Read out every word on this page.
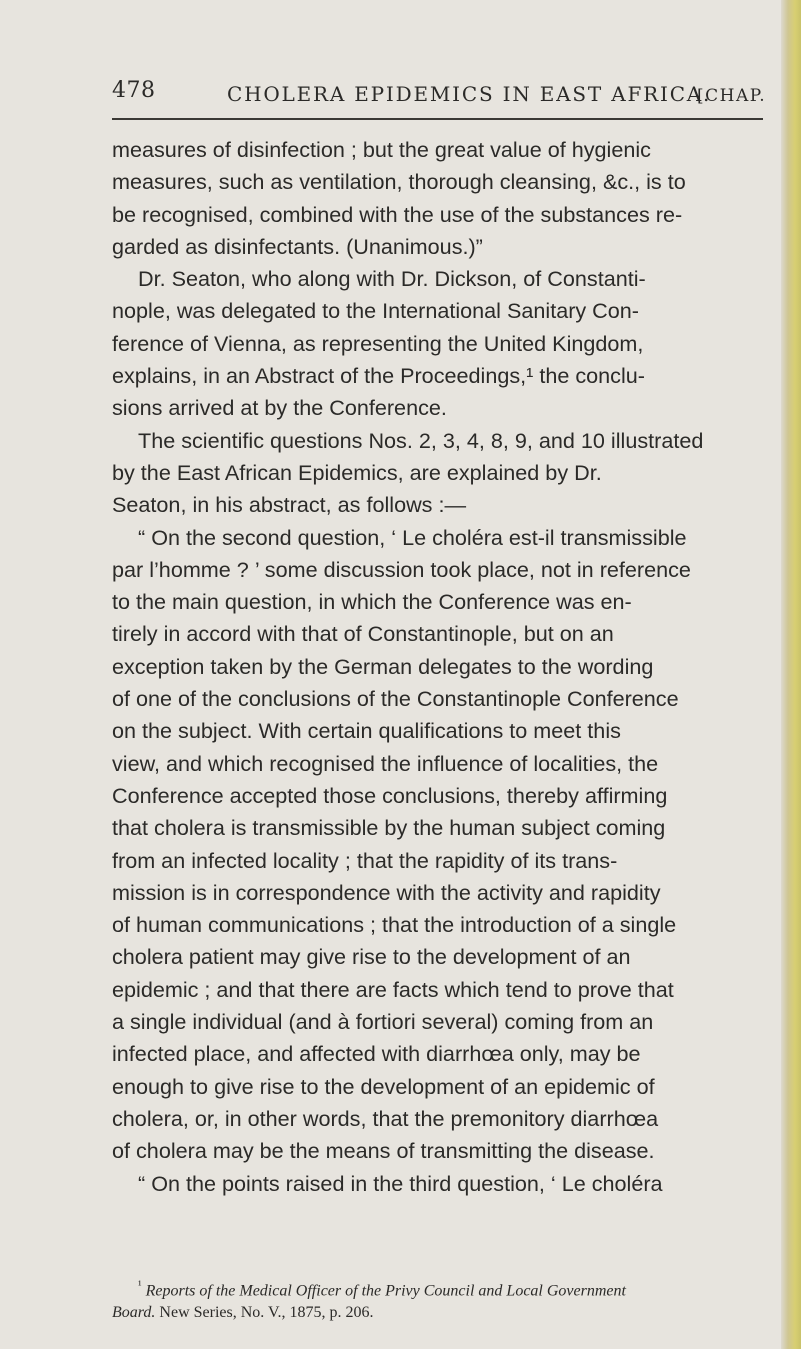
478	CHOLERA EPIDEMICS IN EAST AFRICA.
[CHAP.
measures of disinfection ; but the great value of hygienic
measures, such as ventilation, thorough cleansing, &c., is to
be recognised, combined with the use of the substances re-
garded as disinfectants. (Unanimous.)”
Dr. Seaton, who along with Dr. Dickson, of Constanti-
nople, was delegated to the International Sanitary Con-
ference of Vienna, as representing the United Kingdom,
explains, in an Abstract of the Proceedings,¹ the conclu-
sions arrived at by the Conference.
The scientific questions Nos. 2, 3, 4, 8, 9, and 10 illustrated
by the East African Epidemics, are explained by Dr.
Seaton, in his abstract, as follows :—
“ On the second question, ‘ Le choléra est-il transmissible
par l’homme ? ’ some discussion took place, not in reference
to the main question, in which the Conference was en-
tirely in accord with that of Constantinople, but on an
exception taken by the German delegates to the wording
of one of the conclusions of the Constantinople Conference
on the subject. With certain qualifications to meet this
view, and which recognised the influence of localities, the
Conference accepted those conclusions, thereby affirming
that cholera is transmissible by the human subject coming
from an infected locality ; that the rapidity of its trans-
mission is in correspondence with the activity and rapidity
of human communications ; that the introduction of a single
cholera patient may give rise to the development of an
epidemic ; and that there are facts which tend to prove that
a single individual (and à fortiori several) coming from an
infected place, and affected with diarrhœa only, may be
enough to give rise to the development of an epidemic of
cholera, or, in other words, that the premonitory diarrhœa
of cholera may be the means of transmitting the disease.
“ On the points raised in the third question, ‘ Le choléra
$^{^1}$ Reports of the Medical Officer of the Privy Council and Local Government
Board. New Series, No. V., 1875, p. 206.
